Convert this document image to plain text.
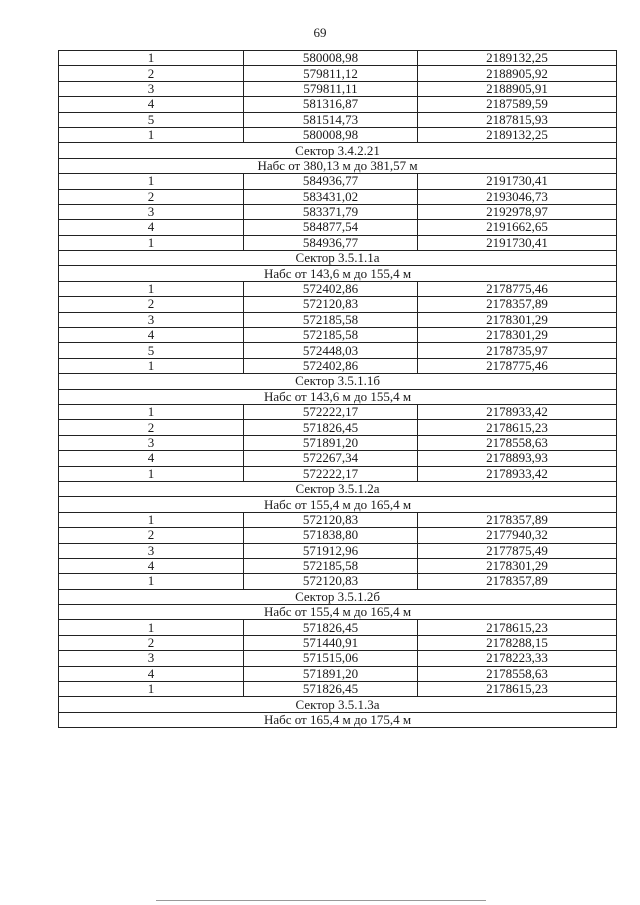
69
1	580008,98	2189132,25
2	579811,12	2188905,92
3	579811,11	2188905,91
4	581316,87	2187589,59
5	581514,73	2187815,93
1	580008,98	2189132,25
Сектор 3.4.2.21		
Набс от 380,13 м до 381,57 м		
1	584936,77	2191730,41
2	583431,02	2193046,73
3	583371,79	2192978,97
4	584877,54	2191662,65
1	584936,77	2191730,41
Сектор 3.5.1.1а		
Набс от 143,6 м до 155,4 м		
1	572402,86	2178775,46
2	572120,83	2178357,89
3	572185,58	2178301,29
4	572185,58	2178301,29
5	572448,03	2178735,97
1	572402,86	2178775,46
Сектор 3.5.1.1б		
Набс от 143,6 м до 155,4 м		
1	572222,17	2178933,42
2	571826,45	2178615,23
3	571891,20	2178558,63
4	572267,34	2178893,93
1	572222,17	2178933,42
Сектор 3.5.1.2а		
Набс от 155,4 м до 165,4 м		
1	572120,83	2178357,89
2	571838,80	2177940,32
3	571912,96	2177875,49
4	572185,58	2178301,29
1	572120,83	2178357,89
Сектор 3.5.1.2б		
Набс от 155,4 м до 165,4 м		
1	571826,45	2178615,23
2	571440,91	2178288,15
3	571515,06	2178223,33
4	571891,20	2178558,63
1	571826,45	2178615,23
Сектор 3.5.1.3а		
Набс от 165,4 м до 175,4 м		
